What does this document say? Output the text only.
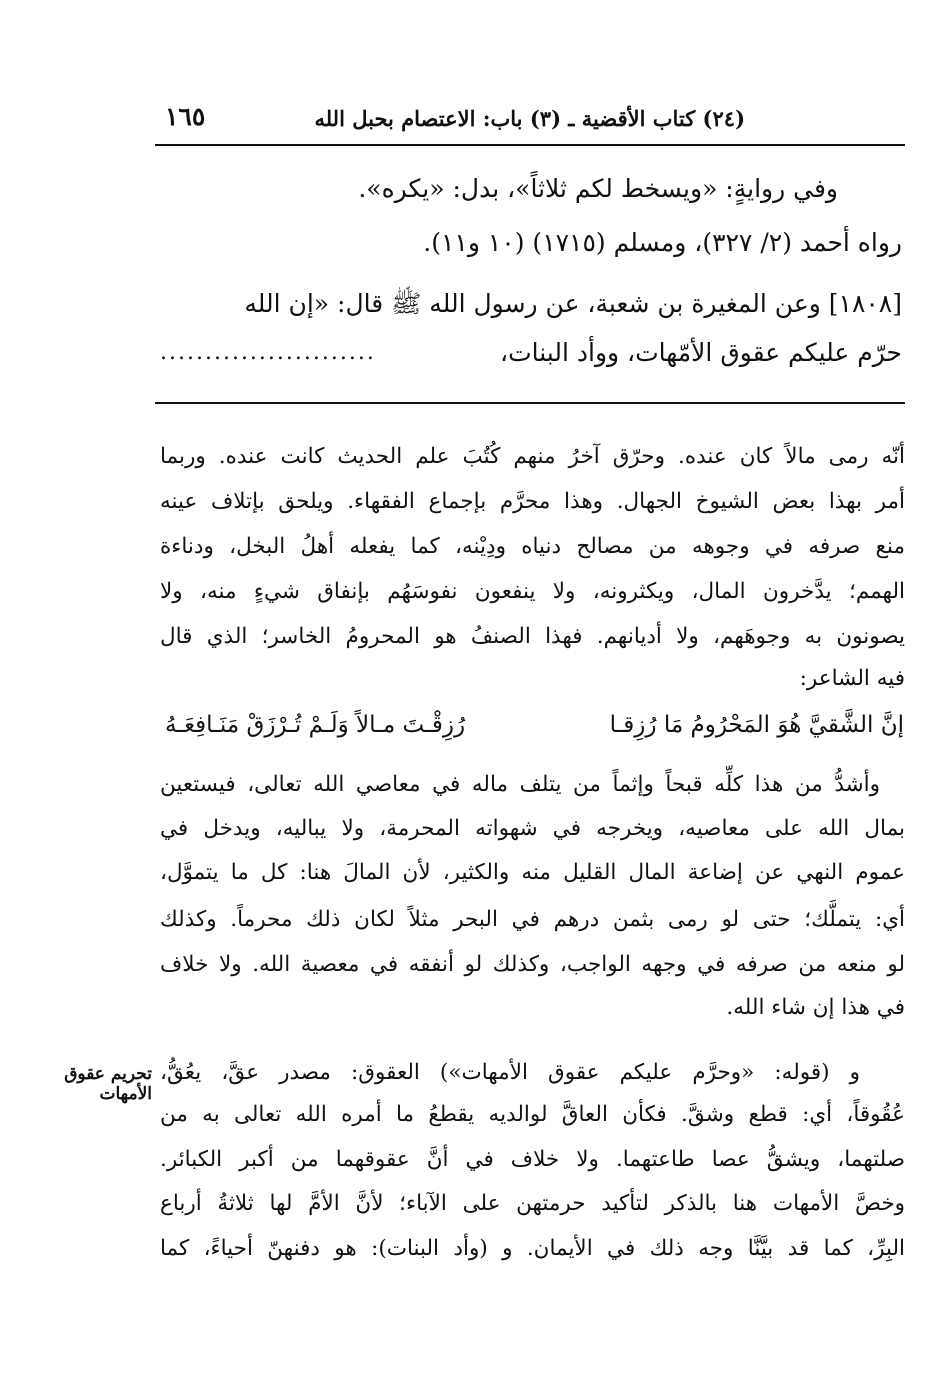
(٢٤) كتاب الأقضية ـ (٣) باب: الاعتصام بحبل الله
١٦٥
وفي روايةٍ: «ويسخط لكم ثلاثاً»، بدل: «يكره».
رواه أحمد (٢/ ٣٢٧)، ومسلم (١٧١٥) (١٠ و١١).
[١٨٠٨] وعن المغيرة بن شعبة، عن رسول الله ﷺ قال: «إن الله
حرّم عليكم عقوق الأمّهات، ووأد البنات،
........................
أنّه رمى مالاً كان عنده. وحرّق آخرُ منهم كُتُبَ علم الحديث كانت عنده. وربما
أمر بهذا بعض الشيوخ الجهال. وهذا محرَّم بإجماع الفقهاء. ويلحق بإتلاف عينه
منع صرفه في وجوهه من مصالح دنياه ودِيْنه، كما يفعله أهلُ البخل، ودناءة
الهمم؛ يدَّخرون المال، ويكثرونه، ولا ينفعون نفوسَهُم بإنفاق شيءٍ منه، ولا
يصونون به وجوهَهم، ولا أديانهم. فهذا الصنفُ هو المحرومُ الخاسر؛ الذي قال
فيه الشاعر:
إنَّ الشَّقيَّ هُوَ المَحْرُومُ مَا رُزِقـا
رُزِقْـتَ مـالاً وَلَـمْ تُـرْزَقْ مَنَـافِعَـهُ
وأشدُّ من هذا كلِّه قبحاً وإثماً من يتلف ماله في معاصي الله تعالى، فيستعين
بمال الله على معاصيه، ويخرجه في شهواته المحرمة، ولا يباليه، ويدخل في
عموم النهي عن إضاعة المال القليل منه والكثير، لأن المالَ هنا: كل ما يتموَّل،
أي: يتملَّك؛ حتى لو رمى بثمن درهم في البحر مثلاً لكان ذلك محرماً. وكذلك
لو منعه من صرفه في وجهه الواجب، وكذلك لو أنفقه في معصية الله. ولا خلاف
في هذا إن شاء الله.
و (قوله: «وحرَّم عليكم عقوق الأمهات») العقوق: مصدر عقَّ، يعُقُّ،
عُقُوقاً، أي: قطع وشقَّ. فكأن العاقَّ لوالديه يقطعُ ما أمره الله تعالى به من
صلتهما، ويشقُّ عصا طاعتهما. ولا خلاف في أنَّ عقوقهما من أكبر الكبائر.
وخصَّ الأمهات هنا بالذكر لتأكيد حرمتهن على الآباء؛ لأنَّ الأمَّ لها ثلاثةُ أرباع
البِرِّ، كما قد بيَّنَّا وجه ذلك في الأيمان. و (وأد البنات): هو دفنهنّ أحياءً، كما
تحريم عقوق
الأمهات
